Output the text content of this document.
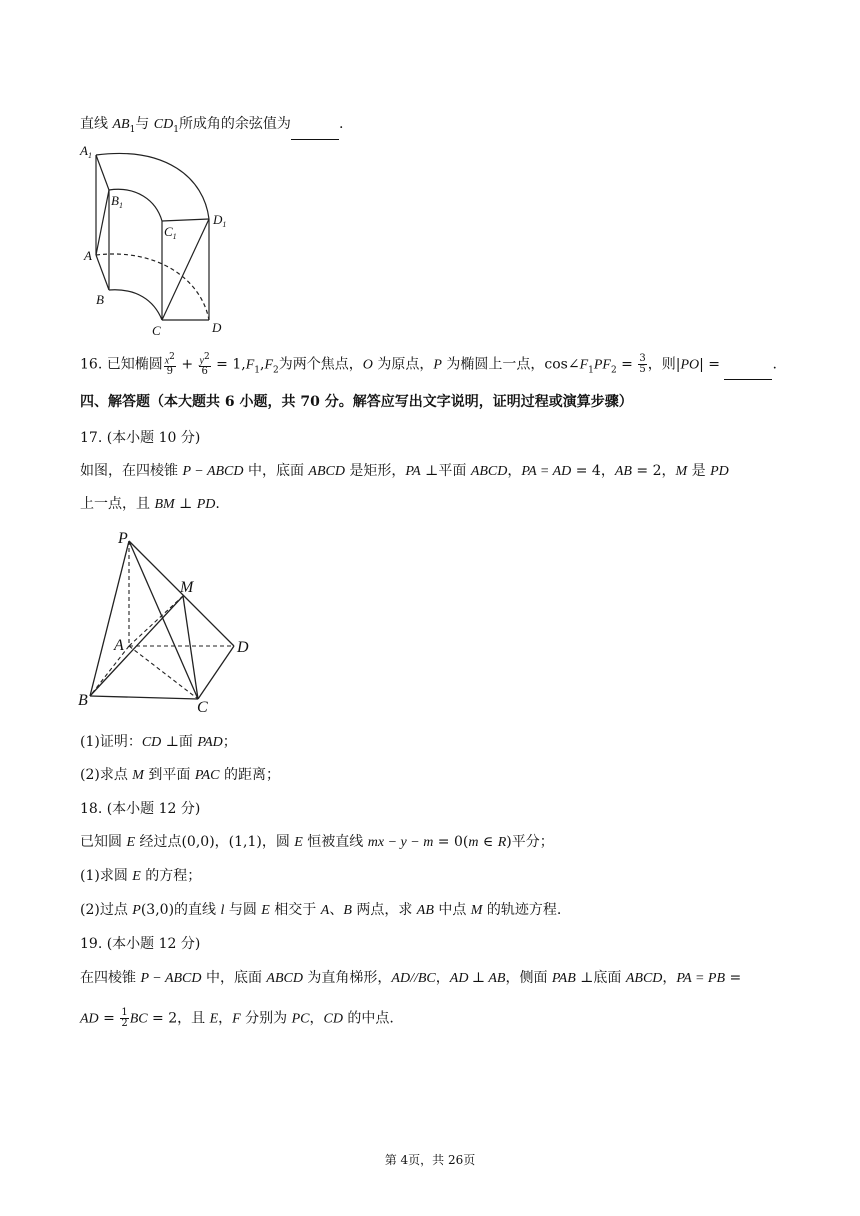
直线 $AB_1$与 $CD_1$所成角的余弦值为	.
$A_1$
$B_1$
$C_1$
$D_1$
A
B
C	D
16. 已知椭圆 $\frac{x^2}{9} + \frac{y^2}{6} = 1,F_1,F_2$为两个焦点，O 为原点，P 为椭圆上一点，$\cos\angle F_1PF_2 = \frac{3}{5}$ ，则|PO| =	.
四、解答题（本大题共 6 小题，共 70 分。解答应写出文字说明，证明过程或演算步骤）
17. (本小题 10 分)
如图，在四棱锥 P − ABCD 中，底面 ABCD 是矩形，PA ⊥平面 ABCD，PA = AD = 4，AB = 2，M 是 PD
上一点，且 BM ⊥ PD.
P
M
A	D
B	C
(1)证明：CD ⊥面 PAD；
(2)求点 M 到平面 PAC 的距离；
18. (本小题 12 分)
已知圆 E 经过点(0,0)，(1,1)，圆 E 恒被直线 mx − y − m = 0(m ∈ R)平分；
(1)求圆 E 的方程；
(2)过点 P(3,0)的直线 l 与圆 E 相交于 A、B 两点，求 AB 中点 M 的轨迹方程.
19. (本小题 12 分)
在四棱锥 P − ABCD 中，底面 ABCD 为直角梯形，AD//BC，AD ⊥ AB，侧面 PAB ⊥底面 ABCD，PA = PB =
AD = $\frac{1}{2}$ BC = 2，且 E，F 分别为 PC，CD 的中点.
第 4页，共 26页
